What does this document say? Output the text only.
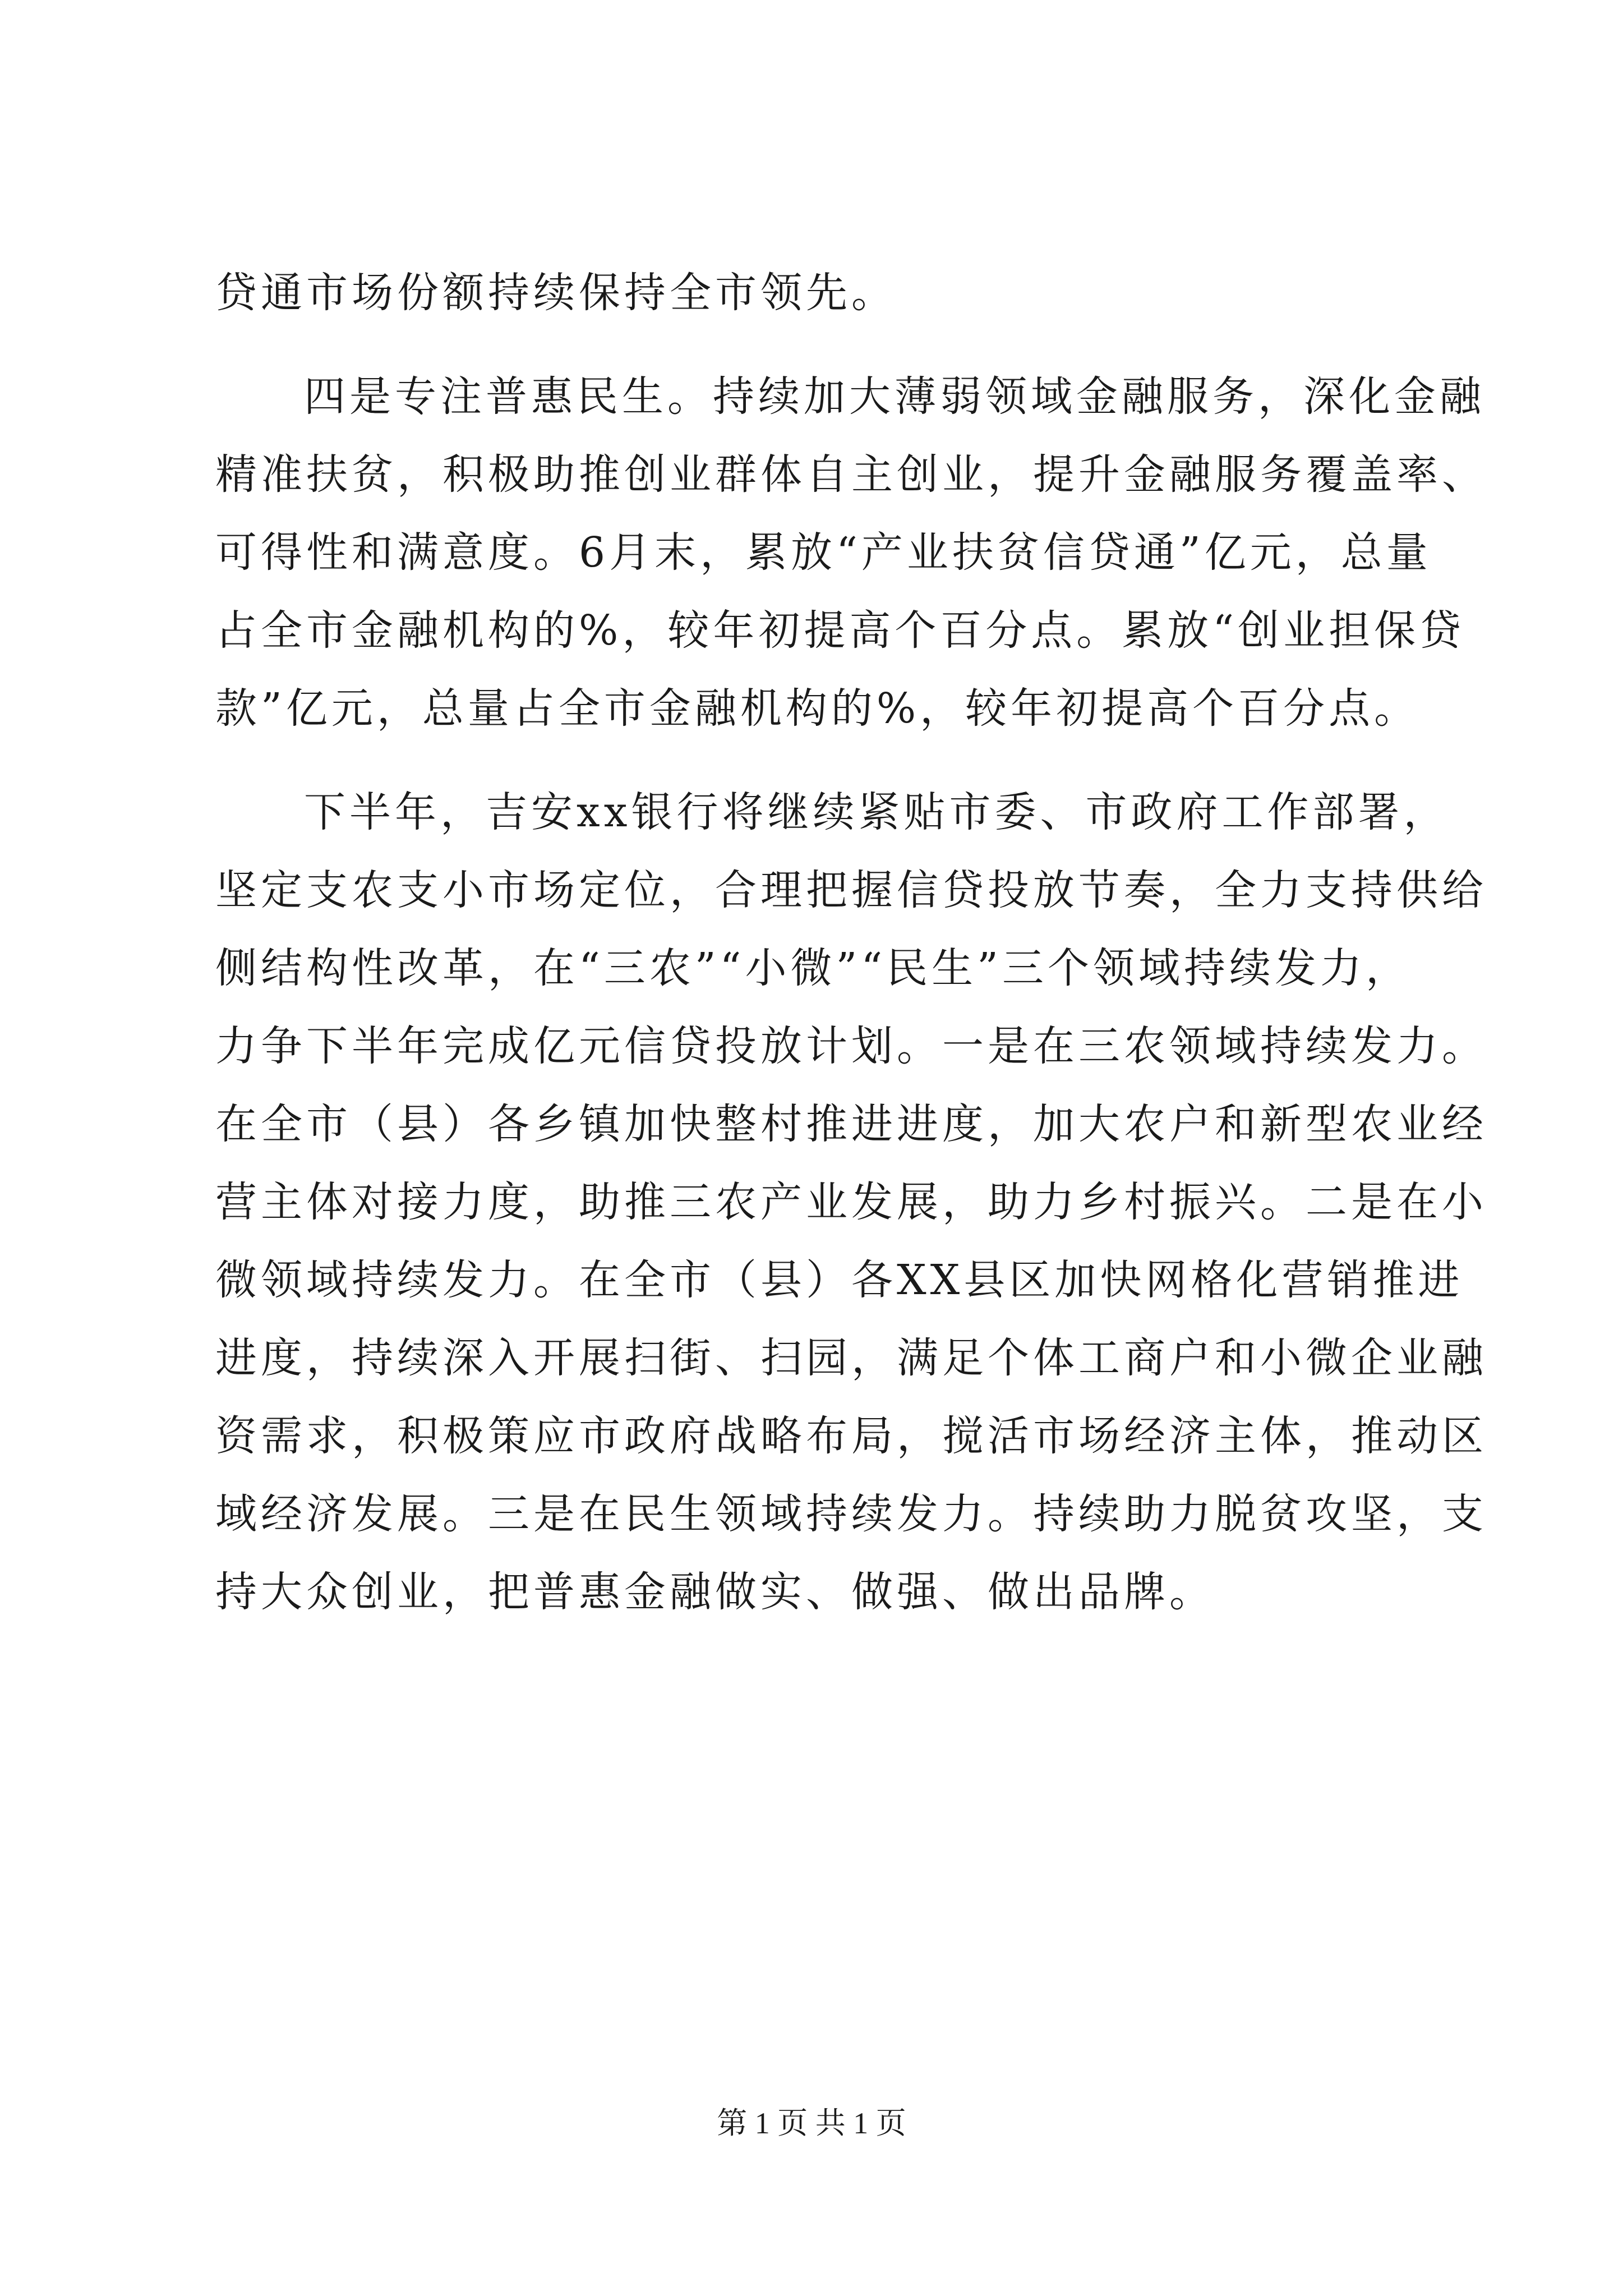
贷通市场份额持续保持全市领先。
四是专注普惠民生。持续加大薄弱领域金融服务，深化金融
精准扶贫，积极助推创业群体自主创业，提升金融服务覆盖率、
可得性和满意度。6月末，累放“产业扶贫信贷通”亿元，总量
占全市金融机构的%，较年初提高个百分点。累放“创业担保贷
款”亿元，总量占全市金融机构的%，较年初提高个百分点。
下半年，吉安xx银行将继续紧贴市委、市政府工作部署，
坚定支农支小市场定位，合理把握信贷投放节奏，全力支持供给
侧结构性改革，在“三农”“小微”“民生”三个领域持续发力，
力争下半年完成亿元信贷投放计划。一是在三农领域持续发力。
在全市（县）各乡镇加快整村推进进度，加大农户和新型农业经
营主体对接力度，助推三农产业发展，助力乡村振兴。二是在小
微领域持续发力。在全市（县）各XX县区加快网格化营销推进
进度，持续深入开展扫街、扫园，满足个体工商户和小微企业融
资需求，积极策应市政府战略布局，搅活市场经济主体，推动区
域经济发展。三是在民生领域持续发力。持续助力脱贫攻坚，支
持大众创业，把普惠金融做实、做强、做出品牌。
第 1 页 共 1 页
